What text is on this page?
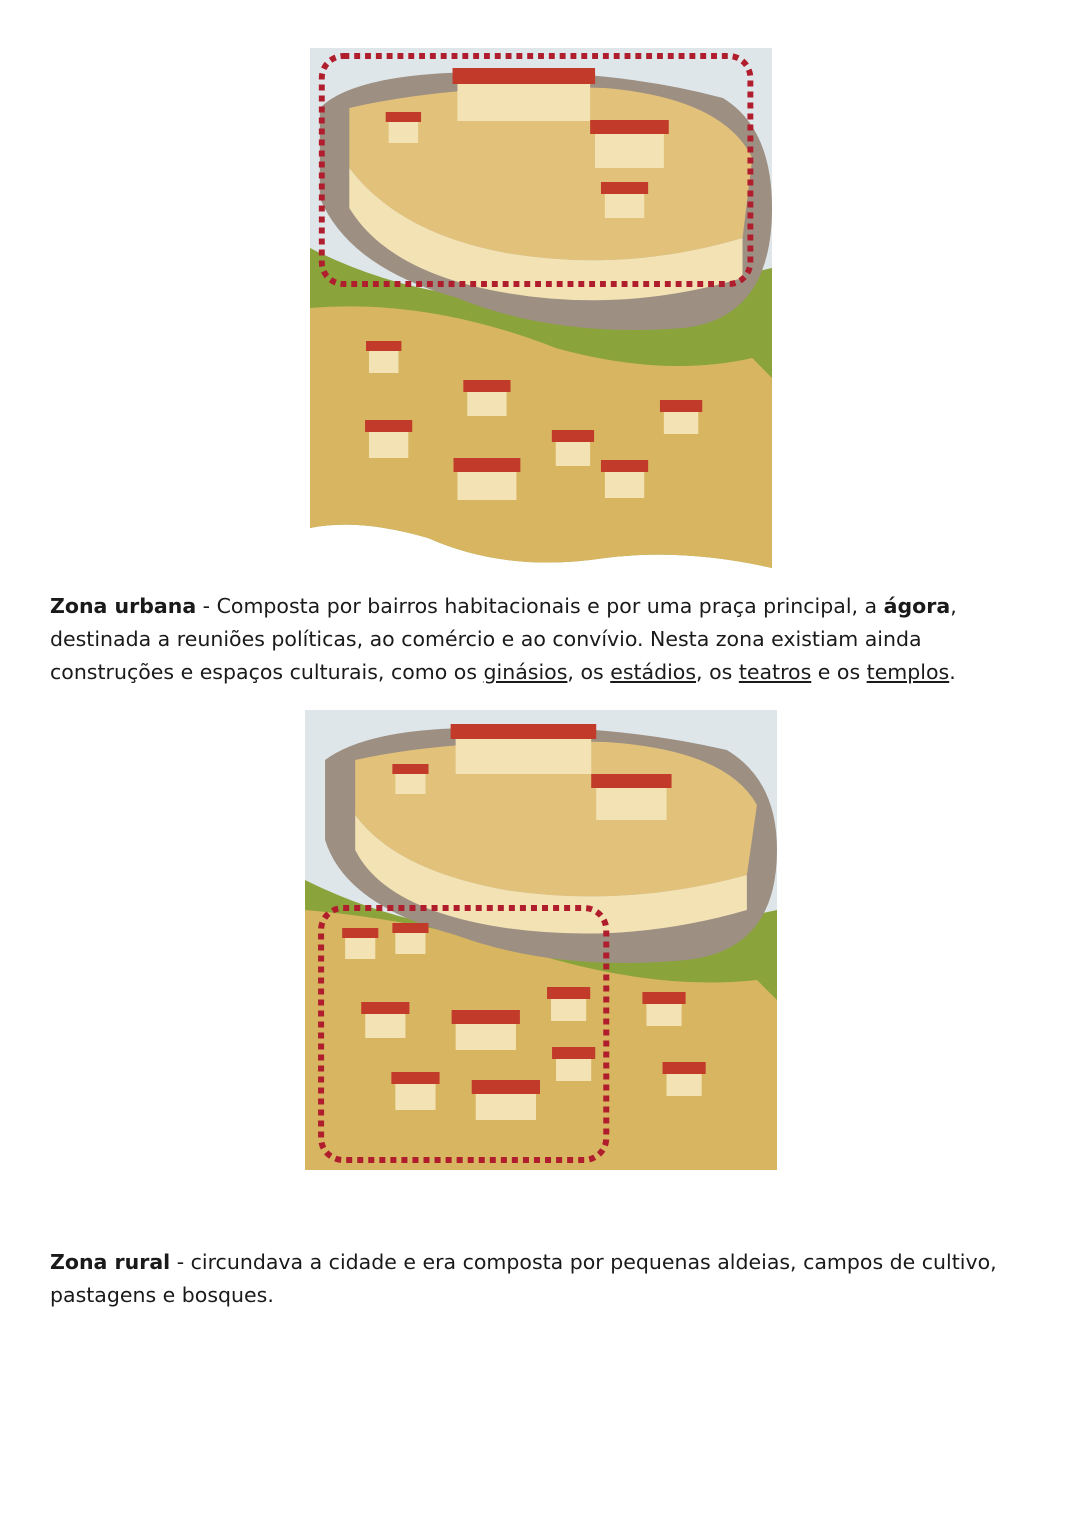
Zona urbana - Composta por bairros habitacionais e por uma praça principal, a ágora, destinada a reuniões políticas, ao comércio e ao convívio. Nesta zona existiam ainda construções e espaços culturais, como os ginásios, os estádios, os teatros e os templos.

Zona rural - circundava a cidade e era composta por pequenas aldeias, campos de cultivo, pastagens e bosques.
